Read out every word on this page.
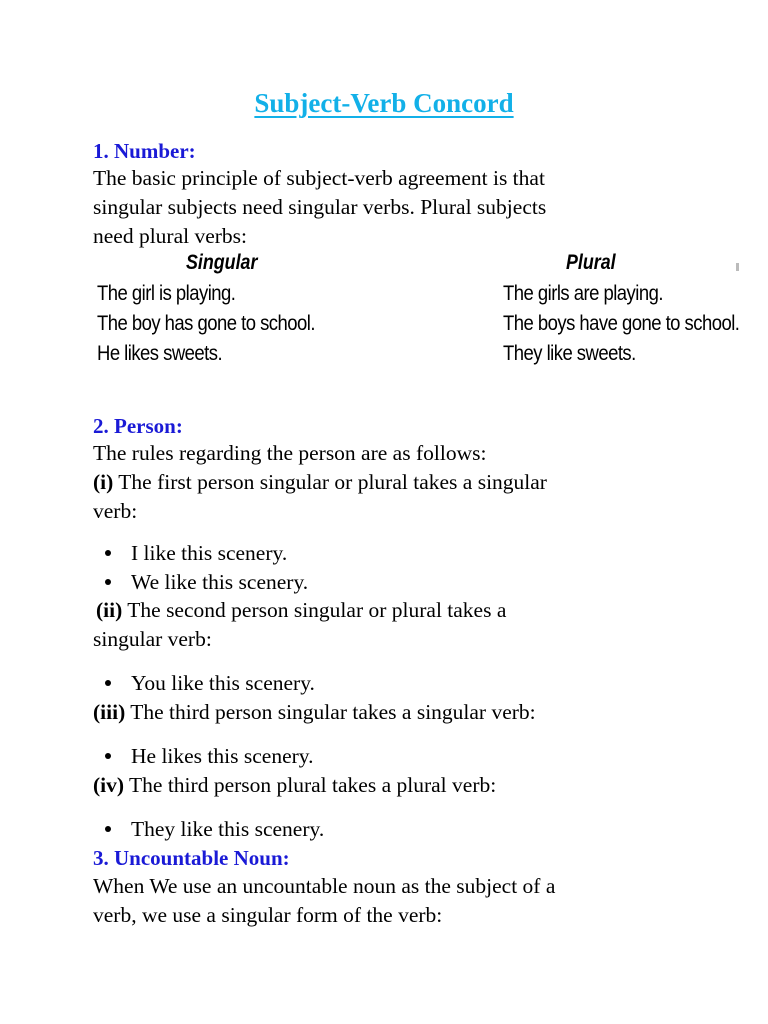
Subject-Verb Concord
1. Number:
The basic principle of subject-verb agreement is that
singular subjects need singular verbs. Plural subjects
need plural verbs:
Singular	Plural
The girl is playing.
The boy has gone to school.
He likes sweets.
The girls are playing.
The boys have gone to school.
They like sweets.
2. Person:
The rules regarding the person are as follows:
(i) The first person singular or plural takes a singular
verb:
I like this scenery.
We like this scenery.
(ii) The second person singular or plural takes a
singular verb:
You like this scenery.
(iii) The third person singular takes a singular verb:
He likes this scenery.
(iv) The third person plural takes a plural verb:
They like this scenery.
3. Uncountable Noun:
When We use an uncountable noun as the subject of a
verb, we use a singular form of the verb:
